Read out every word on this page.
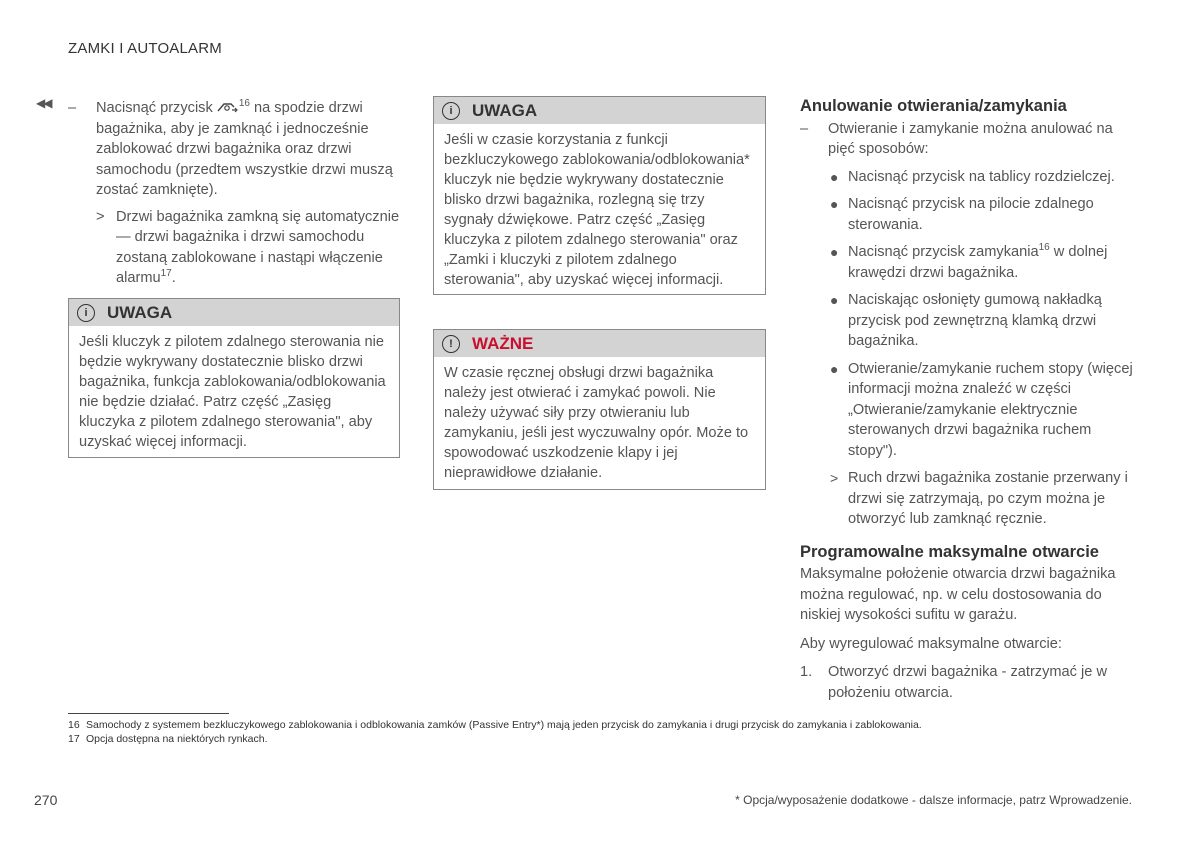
ZAMKI I AUTOALARM
◀◀ – Nacisnąć przycisk $^{16}$ na spodzie drzwi bagażnika, aby je zamknąć i jednocześnie zablokować drzwi bagażnika oraz drzwi samochodu (przedtem wszystkie drzwi muszą zostać zamknięte).
> Drzwi bagażnika zamkną się automatycznie — drzwi bagażnika i drzwi samochodu zostaną zablokowane i nastąpi włączenie alarmu$^{17}$.
i	UWAGA
Jeśli kluczyk z pilotem zdalnego sterowania nie będzie wykrywany dostatecznie blisko drzwi bagażnika, funkcja zablokowania/odblokowania nie będzie działać. Patrz część „Zasięg kluczyka z pilotem zdalnego sterowania", aby uzyskać więcej informacji.
i	UWAGA
Jeśli w czasie korzystania z funkcji bezkluczykowego zablokowania/odblokowania* kluczyk nie będzie wykrywany dostatecznie blisko drzwi bagażnika, rozlegną się trzy sygnały dźwiękowe. Patrz część „Zasięg kluczyka z pilotem zdalnego sterowania" oraz „Zamki i kluczyki z pilotem zdalnego sterowania", aby uzyskać więcej informacji.
!	WAŻNE
W czasie ręcznej obsługi drzwi bagażnika należy jest otwierać i zamykać powoli. Nie należy używać siły przy otwieraniu lub zamykaniu, jeśli jest wyczuwalny opór. Może to spowodować uszkodzenie klapy i jej nieprawidłowe działanie.
Anulowanie otwierania/zamykania
– Otwieranie i zamykanie można anulować na pięć sposobów:
● Nacisnąć przycisk na tablicy rozdzielczej.
● Nacisnąć przycisk na pilocie zdalnego sterowania.
● Nacisnąć przycisk zamykania$^{16}$ w dolnej krawędzi drzwi bagażnika.
● Naciskając osłonięty gumową nakładką przycisk pod zewnętrzną klamką drzwi bagażnika.
● Otwieranie/zamykanie ruchem stopy (więcej informacji można znaleźć w części „Otwieranie/zamykanie elektrycznie sterowanych drzwi bagażnika ruchem stopy").
> Ruch drzwi bagażnika zostanie przerwany i drzwi się zatrzymają, po czym można je otworzyć lub zamknąć ręcznie.
Programowalne maksymalne otwarcie
Maksymalne położenie otwarcia drzwi bagażnika można regulować, np. w celu dostosowania do niskiej wysokości sufitu w garażu.
Aby wyregulować maksymalne otwarcie:
1. Otworzyć drzwi bagażnika - zatrzymać je w położeniu otwarcia.
16 Samochody z systemem bezkluczykowego zablokowania i odblokowania zamków (Passive Entry*) mają jeden przycisk do zamykania i drugi przycisk do zamykania i zablokowania.
17 Opcja dostępna na niektórych rynkach.
270	* Opcja/wyposażenie dodatkowe - dalsze informacje, patrz Wprowadzenie.
